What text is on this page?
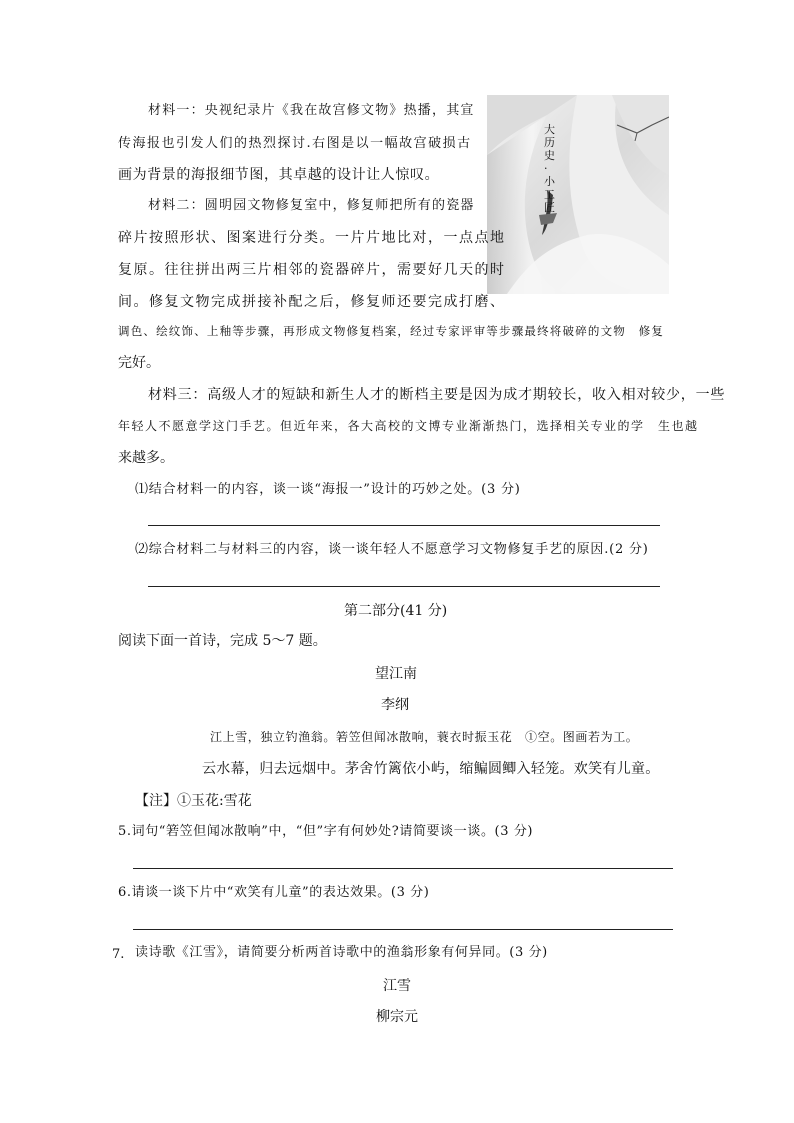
材料一：央视纪录片《我在故宫修文物》热播，其宣
传海报也引发人们的热烈探讨.右图是以一幅故宫破损古
画为背景的海报细节图，其卓越的设计让人惊叹。
大历史·小工匠
材料二：圆明园文物修复室中，修复师把所有的瓷器
碎片按照形状、图案进行分类。一片片地比对，一点点地
复原。往往拼出两三片相邻的瓷器碎片，需要好几天的时
间。修复文物完成拼接补配之后，修复师还要完成打磨、
调色、绘纹饰、上釉等步骤，再形成文物修复档案，经过专家评审等步骤最终将破碎的文物　修复
完好。
材料三：高级人才的短缺和新生人才的断档主要是因为成才期较长，收入相对较少，一些
年轻人不愿意学这门手艺。但近年来，各大高校的文博专业渐渐热门，选择相关专业的学　生也越
来越多。
⑴结合材料一的内容，谈一谈“海报一”设计的巧妙之处。(3 分)
⑵综合材料二与材料三的内容，谈一谈年轻人不愿意学习文物修复手艺的原因.(2 分)
第二部分(41 分)
阅读下面一首诗，完成 5～7 题。
望江南
李纲
江上雪，独立钓渔翁。箬笠但闻冰散响，蓑衣时振玉花　①空。图画若为工。
云水幕，归去远烟中。茅舍竹篱依小屿，缩鳊圆鲫入轻笼。欢笑有儿童。
【注】①玉花:雪花
5.词句“箬笠但闻冰散响”中，“但”字有何妙处?请简要谈一谈。(3 分)
6.请谈一谈下片中“欢笑有儿童”的表达效果。(3 分)
7. 读诗歌《江雪》，请简要分析两首诗歌中的渔翁形象有何异同。(3 分)
江雪
柳宗元
